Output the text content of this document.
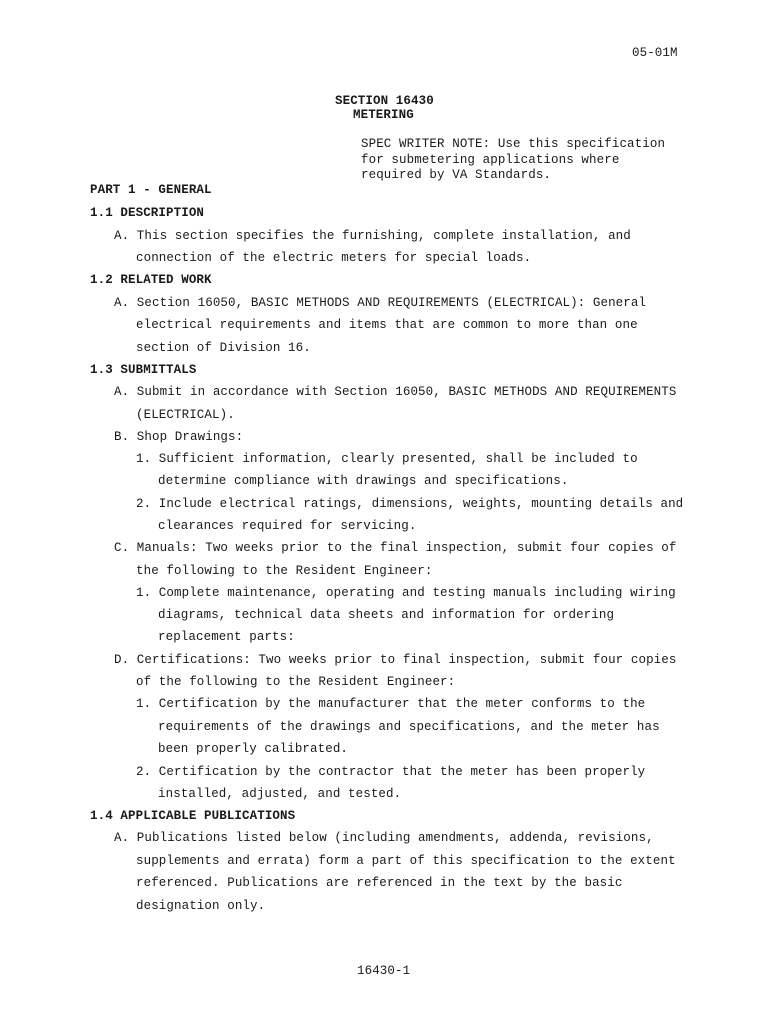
05-01M
SECTION 16430
METERING
SPEC WRITER NOTE: Use this specification
for submetering applications where
required by VA Standards.
PART 1 - GENERAL
1.1 DESCRIPTION
A. This section specifies the furnishing, complete installation, and
connection of the electric meters for special loads.
1.2 RELATED WORK
A. Section 16050, BASIC METHODS AND REQUIREMENTS (ELECTRICAL): General
electrical requirements and items that are common to more than one
section of Division 16.
1.3 SUBMITTALS
A. Submit in accordance with Section 16050, BASIC METHODS AND REQUIREMENTS
(ELECTRICAL).
B. Shop Drawings:
1. Sufficient information, clearly presented, shall be included to
determine compliance with drawings and specifications.
2. Include electrical ratings, dimensions, weights, mounting details and
clearances required for servicing.
C. Manuals: Two weeks prior to the final inspection, submit four copies of
the following to the Resident Engineer:
1. Complete maintenance, operating and testing manuals including wiring
diagrams, technical data sheets and information for ordering
replacement parts:
D. Certifications: Two weeks prior to final inspection, submit four copies
of the following to the Resident Engineer:
1. Certification by the manufacturer that the meter conforms to the
requirements of the drawings and specifications, and the meter has
been properly calibrated.
2. Certification by the contractor that the meter has been properly
installed, adjusted, and tested.
1.4 APPLICABLE PUBLICATIONS
A. Publications listed below (including amendments, addenda, revisions,
supplements and errata) form a part of this specification to the extent
referenced. Publications are referenced in the text by the basic
designation only.
16430-1
